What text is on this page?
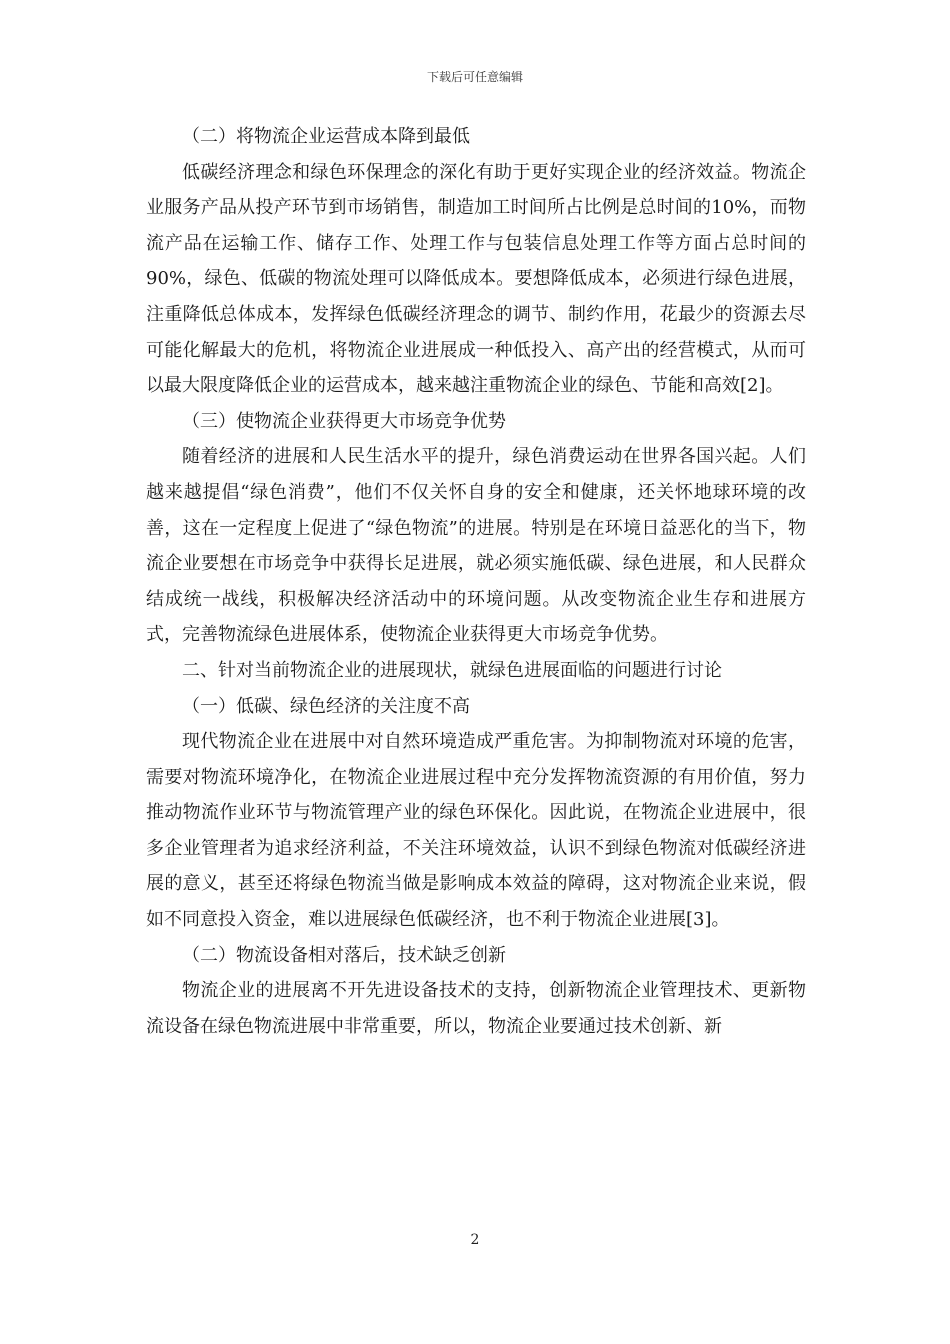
下载后可任意编辑

（二）将物流企业运营成本降到最低

低碳经济理念和绿色环保理念的深化有助于更好实现企业的经济效益。物流企业服务产品从投产环节到市场销售，制造加工时间所占比例是总时间的10%，而物流产品在运输工作、储存工作、处理工作与包装信息处理工作等方面占总时间的90%，绿色、低碳的物流处理可以降低成本。要想降低成本，必须进行绿色进展，注重降低总体成本，发挥绿色低碳经济理念的调节、制约作用，花最少的资源去尽可能化解最大的危机，将物流企业进展成一种低投入、高产出的经营模式，从而可以最大限度降低企业的运营成本，越来越注重物流企业的绿色、节能和高效[2]。

（三）使物流企业获得更大市场竞争优势

随着经济的进展和人民生活水平的提升，绿色消费运动在世界各国兴起。人们越来越提倡“绿色消费”，他们不仅关怀自身的安全和健康，还关怀地球环境的改善，这在一定程度上促进了“绿色物流”的进展。特别是在环境日益恶化的当下，物流企业要想在市场竞争中获得长足进展，就必须实施低碳、绿色进展，和人民群众结成统一战线，积极解决经济活动中的环境问题。从改变物流企业生存和进展方式，完善物流绿色进展体系，使物流企业获得更大市场竞争优势。

二、针对当前物流企业的进展现状，就绿色进展面临的问题进行讨论

（一）低碳、绿色经济的关注度不高

现代物流企业在进展中对自然环境造成严重危害。为抑制物流对环境的危害，需要对物流环境净化，在物流企业进展过程中充分发挥物流资源的有用价值，努力推动物流作业环节与物流管理产业的绿色环保化。因此说，在物流企业进展中，很多企业管理者为追求经济利益，不关注环境效益，认识不到绿色物流对低碳经济进展的意义，甚至还将绿色物流当做是影响成本效益的障碍，这对物流企业来说，假如不同意投入资金，难以进展绿色低碳经济，也不利于物流企业进展[3]。

（二）物流设备相对落后，技术缺乏创新

物流企业的进展离不开先进设备技术的支持，创新物流企业管理技术、更新物流设备在绿色物流进展中非常重要，所以，物流企业要通过技术创新、新

2
